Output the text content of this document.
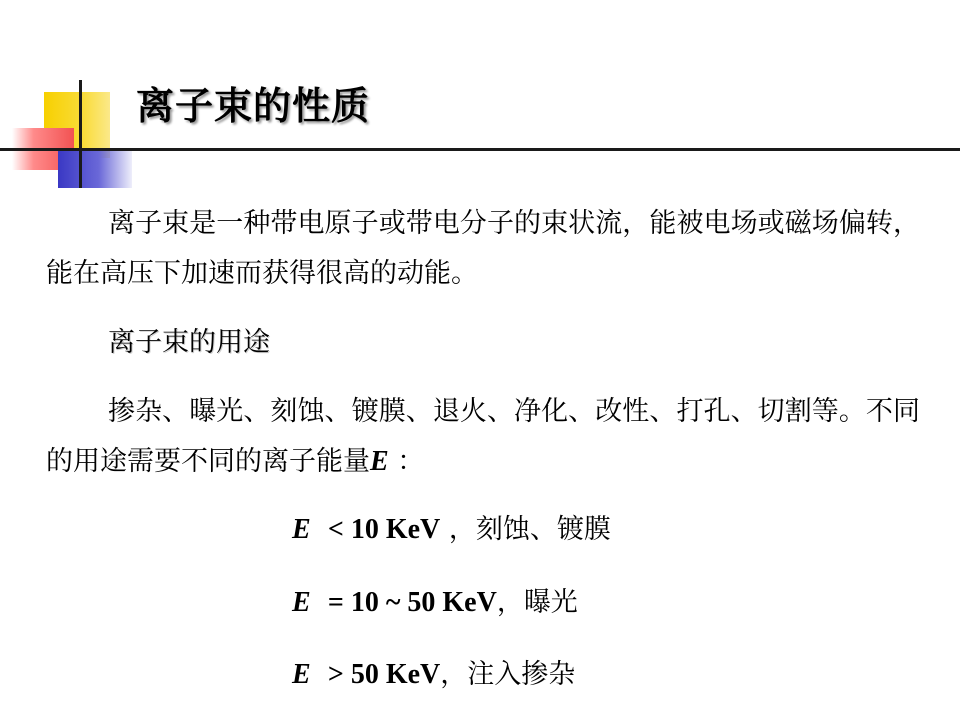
离子束的性质
离子束是一种带电原子或带电分子的束状流，能被电场或磁场偏转，能在高压下加速而获得很高的动能。
离子束的用途
掺杂、曝光、刻蚀、镀膜、退火、净化、改性、打孔、切割等。不同的用途需要不同的离子能量E ：
E < 10 KeV ，刻蚀、镀膜
E = 10 ~ 50 KeV，曝光
E > 50 KeV，注入掺杂
